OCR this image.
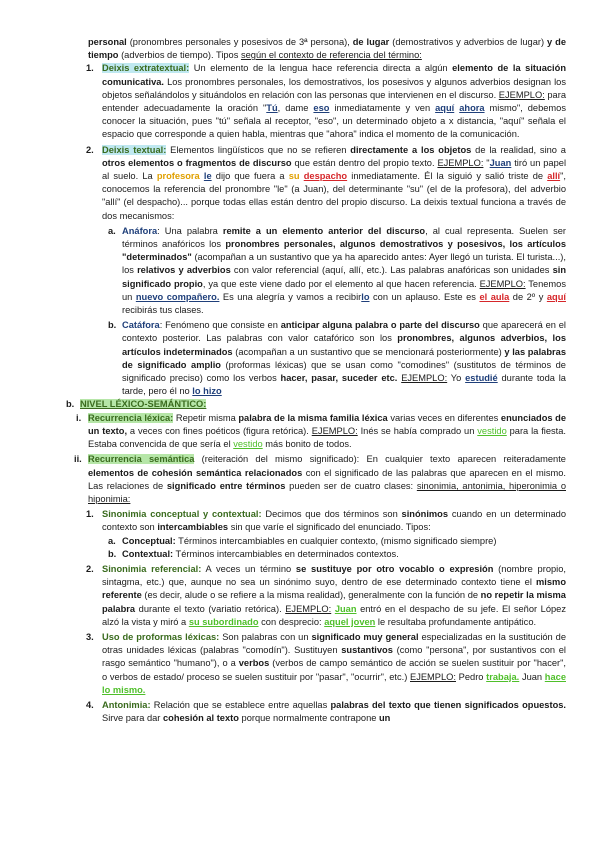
personal (pronombres personales y posesivos de 3ª persona), de lugar (demostrativos y adverbios de lugar) y de tiempo (adverbios de tiempo). Tipos según el contexto de referencia del término:

1. Deixis extratextual: Un elemento de la lengua hace referencia directa a algún elemento de la situación comunicativa. Los pronombres personales, los demostrativos, los posesivos y algunos adverbios designan los objetos señalándolos y situándolos en relación con las personas que intervienen en el discurso. EJEMPLO: para entender adecuadamente la oración "Tú, dame eso inmediatamente y ven aquí ahora mismo", debemos conocer la situación, pues "tú" señala al receptor, "eso", un determinado objeto a x distancia, "aquí" señala el espacio que corresponde a quien habla, mientras que "ahora" indica el momento de la comunicación.
2. Deixis textual: Elementos lingüísticos que no se refieren directamente a los objetos de la realidad, sino a otros elementos o fragmentos de discurso que están dentro del propio texto. EJEMPLO: "Juan tiró un papel al suelo. La profesora le dijo que fuera a su despacho inmediatamente. Él la siguió y salió triste de allí", conocemos la referencia del pronombre "le" (a Juan), del determinante "su" (el de la profesora), del adverbio "allí" (el despacho)... porque todas ellas están dentro del propio discurso. La deixis textual funciona a través de dos mecanismos:
a. Anáfora: Una palabra remite a un elemento anterior del discurso, al cual representa. Suelen ser términos anafóricos los pronombres personales, algunos demostrativos y posesivos, los artículos "determinados" (acompañan a un sustantivo que ya ha aparecido antes: Ayer llegó un turista. El turista...), los relativos y adverbios con valor referencial (aquí, allí, etc.). Las palabras anafóricas son unidades sin significado propio, ya que este viene dado por el elemento al que hacen referencia. EJEMPLO: Tenemos un nuevo compañero. Es una alegría y vamos a recibirlo con un aplauso. Este es el aula de 2º y aquí recibirás tus clases.
b. Catáfora: Fenómeno que consiste en anticipar alguna palabra o parte del discurso que aparecerá en el contexto posterior. Las palabras con valor catafórico son los pronombres, algunos adverbios, los artículos indeterminados (acompañan a un sustantivo que se mencionará posteriormente) y las palabras de significado amplio (proformas léxicas) que se usan como "comodines" (sustitutos de términos de significado preciso) como los verbos hacer, pasar, suceder etc. EJEMPLO: Yo estudié durante toda la tarde, pero él no lo hizo
b. NIVEL LÉXICO-SEMÁNTICO:
i. Recurrencia léxica: Repetir misma palabra de la misma familia léxica varias veces en diferentes enunciados de un texto, a veces con fines poéticos (figura retórica). EJEMPLO: Inés se había comprado un vestido para la fiesta. Estaba convencida de que sería el vestido más bonito de todos.
ii. Recurrencia semántica (reiteración del mismo significado): En cualquier texto aparecen reiteradamente elementos de cohesión semántica relacionados con el significado de las palabras que aparecen en el mismo. Las relaciones de significado entre términos pueden ser de cuatro clases: sinonimia, antonimia, hiperonimia o hiponimia:
1. Sinonimia conceptual y contextual: Decimos que dos términos son sinónimos cuando en un determinado contexto son intercambiables sin que varíe el significado del enunciado. Tipos:
a. Conceptual: Términos intercambiables en cualquier contexto, (mismo significado siempre)
b. Contextual: Términos intercambiables en determinados contextos.
2. Sinonimia referencial: A veces un término se sustituye por otro vocablo o expresión (nombre propio, sintagma, etc.) que, aunque no sea un sinónimo suyo, dentro de ese determinado contexto tiene el mismo referente (es decir, alude o se refiere a la misma realidad), generalmente con la función de no repetir la misma palabra durante el texto (variatio retórica). EJEMPLO: Juan entró en el despacho de su jefe. El señor López alzó la vista y miró a su subordinado con desprecio: aquel joven le resultaba profundamente antipático.
3. Uso de proformas léxicas: Son palabras con un significado muy general especializadas en la sustitución de otras unidades léxicas (palabras "comodín"). Sustituyen sustantivos (como "persona", por sustantivos con el rasgo semántico "humano"), o a verbos (verbos de campo semántico de acción se suelen sustituir por "hacer", o verbos de estado/ proceso se suelen sustituir por "pasar", "ocurrir", etc.) EJEMPLO: Pedro trabaja. Juan hace lo mismo.
4. Antonimia: Relación que se establece entre aquellas palabras del texto que tienen significados opuestos. Sirve para dar cohesión al texto porque normalmente contrapone un
